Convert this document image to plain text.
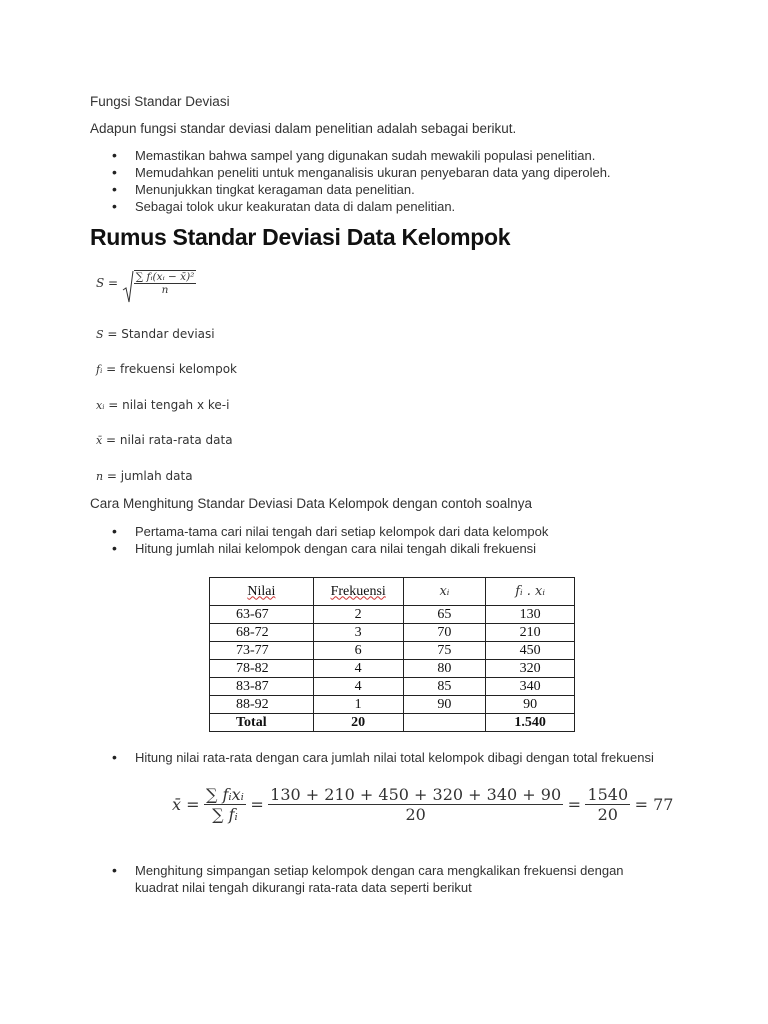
Fungsi Standar Deviasi
Adapun fungsi standar deviasi dalam penelitian adalah sebagai berikut.
• Memastikan bahwa sampel yang digunakan sudah mewakili populasi penelitian.
• Memudahkan peneliti untuk menganalisis ukuran penyebaran data yang diperoleh.
• Menunjukkan tingkat keragaman data penelitian.
• Sebagai tolok ukur keakuratan data di dalam penelitian.
Rumus Standar Deviasi Data Kelompok
$S = \frac{\text{∑ fᵢ(xᵢ − x̄)²}}{n}$
S = Standar deviasi
fᵢ = frekuensi kelompok
xᵢ = nilai tengah x ke-i
x̄ = nilai rata-rata data
n = jumlah data
Cara Menghitung Standar Deviasi Data Kelompok dengan contoh soalnya
• Pertama-tama cari nilai tengah dari setiap kelompok dari data kelompok
• Hitung jumlah nilai kelompok dengan cara nilai tengah dikali frekuensi
Nilai	Frekuensi	xᵢ	fᵢ . xᵢ
63-67	2	65	130
68-72	3	70	210
73-77	6	75	450
78-82	4	80	320
83-87	4	85	340
88-92	1	90	90
Total	20		1.540
• Hitung nilai rata-rata dengan cara jumlah nilai total kelompok dibagi dengan total frekuensi
x̄ = $\frac{\text{∑ fᵢxᵢ}}{\text{∑ fᵢ}} = \frac{130 + 210 + 450 + 320 + 340 + 90}{20} = \frac{1540}{20} = 77$
• Menghitung simpangan setiap kelompok dengan cara mengkalikan frekuensi dengan
kuadrat nilai tengah dikurangi rata-rata data seperti berikut
